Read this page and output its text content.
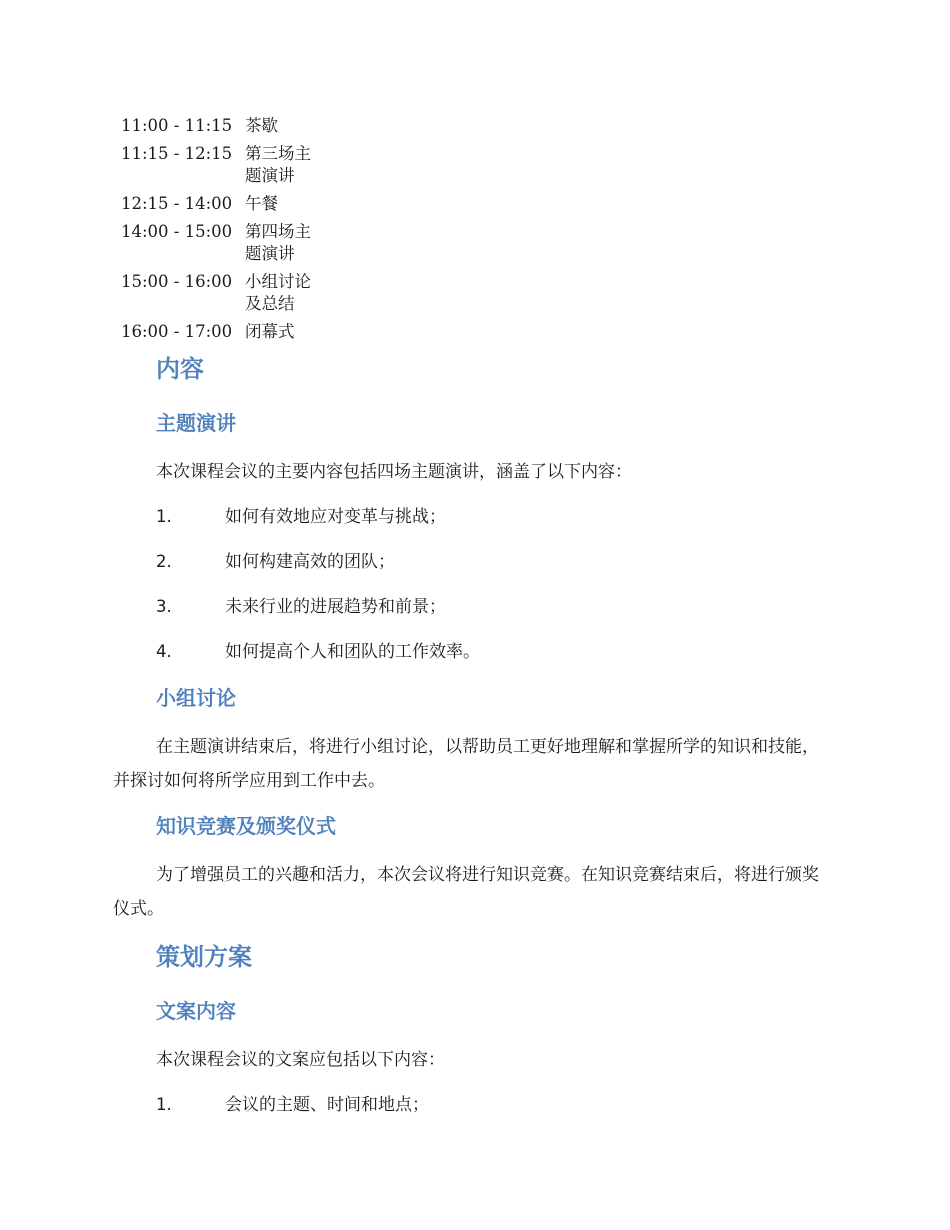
11:00 - 11:15	茶歇
11:15 - 12:15	第三场主题演讲
12:15 - 14:00	午餐
14:00 - 15:00	第四场主题演讲
15:00 - 16:00	小组讨论及总结
16:00 - 17:00	闭幕式
内容
主题演讲

本次课程会议的主要内容包括四场主题演讲，涵盖了以下内容：

1.	如何有效地应对变革与挑战；
2.	如何构建高效的团队；
3.	未来行业的进展趋势和前景；
4.	如何提高个人和团队的工作效率。
小组讨论

在主题演讲结束后，将进行小组讨论，以帮助员工更好地理解和掌握所学的知识和技能，并探讨如何将所学应用到工作中去。

知识竞赛及颁奖仪式

为了增强员工的兴趣和活力，本次会议将进行知识竞赛。在知识竞赛结束后，将进行颁奖仪式。

策划方案
文案内容

本次课程会议的文案应包括以下内容：

1.	会议的主题、时间和地点；
